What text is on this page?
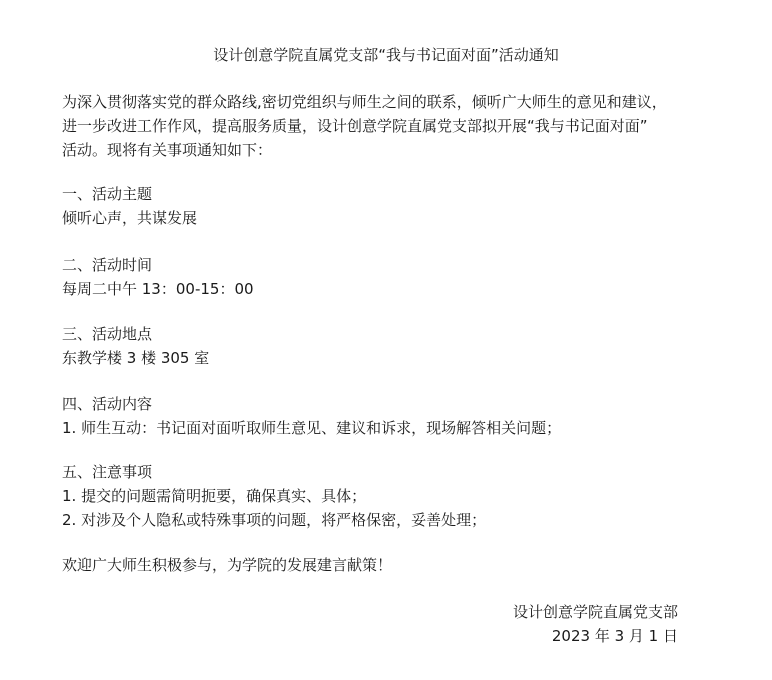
设计创意学院直属党支部“我与书记面对面”活动通知
为深入贯彻落实党的群众路线,密切党组织与师生之间的联系，倾听广大师生的意见和建议，
进一步改进工作作风，提高服务质量，设计创意学院直属党支部拟开展“我与书记面对面”
活动。现将有关事项通知如下：
一、活动主题
倾听心声，共谋发展
二、活动时间
每周二中午 13：00-15：00
三、活动地点
东教学楼 3 楼 305 室
四、活动内容
1. 师生互动：书记面对面听取师生意见、建议和诉求，现场解答相关问题；
五、注意事项
1. 提交的问题需简明扼要，确保真实、具体；
2. 对涉及个人隐私或特殊事项的问题，将严格保密，妥善处理；
欢迎广大师生积极参与，为学院的发展建言献策！
设计创意学院直属党支部
2023 年 3 月 1 日
